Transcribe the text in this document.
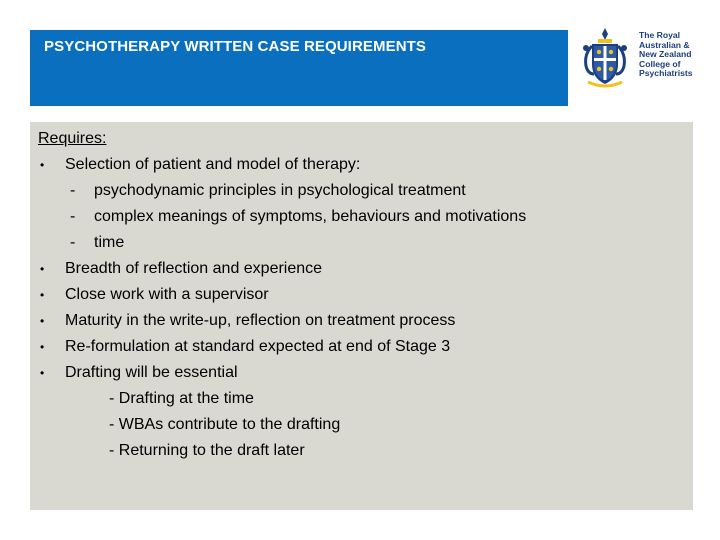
PSYCHOTHERAPY WRITTEN CASE REQUIREMENTS
The Royal
Australian &
New Zealand
College of
Psychiatrists
Requires:
• Selection of patient and model of therapy:
- psychodynamic principles in psychological treatment
- complex meanings of symptoms, behaviours and motivations
- time
• Breadth of reflection and experience
• Close work with a supervisor
• Maturity in the write-up, reflection on treatment process
• Re-formulation at standard expected at end of Stage 3
• Drafting will be essential
- Drafting at the time
- WBAs contribute to the drafting
- Returning to the draft later
